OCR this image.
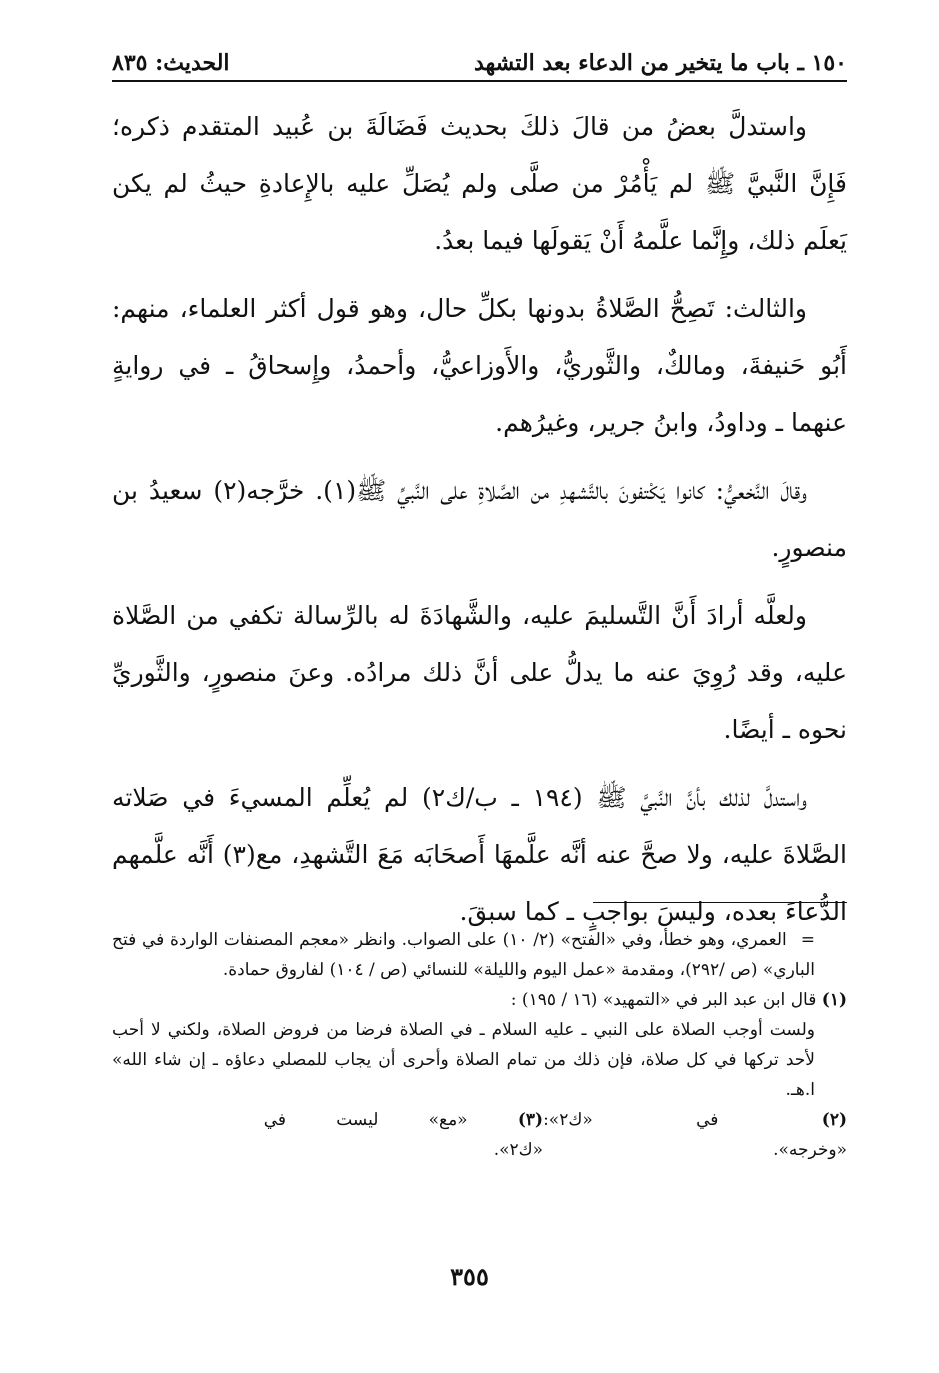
١٥٠ ـ باب ما يتخير من الدعاء بعد التشهد
الحديث: ٨٣٥

واستدلَّ بعضُ من قالَ ذلكَ بحديث فَضَالَةَ بن عُبيد المتقدم ذكره؛ فَإِنَّ النَّبيَّ ﷺ لم يَأْمُرْ من صلَّى ولم يُصَلِّ عليه بالإِعادةِ حيثُ لم يكن يَعلَم ذلك، وإِنَّما علَّمهُ أَنْ يَقولَها فيما بعدُ.

والثالث: تَصِحُّ الصَّلاةُ بدونها بكلِّ حال، وهو قول أكثر العلماء، منهم: أَبُو حَنيفةَ، ومالكٌ، والثَّوريُّ، والأَوزاعيُّ، وأحمدُ، وإِسحاقُ ـ في روايةٍ عنهما ـ وداودُ، وابنُ جرير، وغيرُهم.

وقالَ النَّخعيُّ: كانوا يَكْتفونَ بالتَّشهدِ من الصَّلاةِ على النَّبيِّ ﷺ(١). خرَّجه(٢) سعيدُ بن منصورٍ.

ولعلَّه أرادَ أَنَّ التَّسليمَ عليه، والشَّهادَةَ له بالرِّسالة تكفي من الصَّلاة عليه، وقد رُوِيَ عنه ما يدلُّ على أنَّ ذلك مرادُه. وعنَ منصورٍ، والثَّوريِّ نحوه ـ أيضًا.

واستدلَّ لذلك بأنَّ النَّبيَّ ﷺ (١٩٤ ـ ب/ك٢) لم يُعلِّم المسيءَ في صَلاته الصَّلاةَ عليه، ولا صحَّ عنه أنَّه علَّمهَا أَصحَابَه مَعَ التَّشهدِ، مع(٣) أَنَّه علَّمهم الدُّعاءَ بعده، وليسَ بواجبٍ ـ كما سبقَ.

=العمري، وهو خطأ، وفي «الفتح» (٢/ ١٠) على الصواب. وانظر «معجم المصنفات الواردة في فتح الباري» (ص /٢٩٢)، ومقدمة «عمل اليوم والليلة» للنسائي (ص / ١٠٤) لفاروق حمادة.

(١) قال ابن عبد البر في «التمهيد» (١٦ / ١٩٥) :

ولست أوجب الصلاة على النبي ـ عليه السلام ـ في الصلاة فرضا من فروض الصلاة، ولكني لا أحب لأحد تركها في كل صلاة، فإن ذلك من تمام الصلاة وأحرى أن يجاب للمصلي دعاؤه ـ إن شاء الله» ا.هـ.

(٢) في «ك٢»: «وخرجه».
(٣) «مع» ليست في «ك٢».

٣٥٥
